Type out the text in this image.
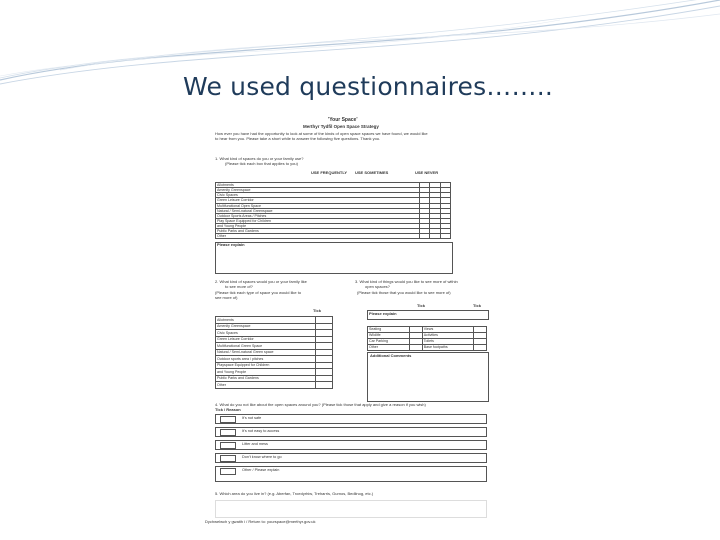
We used questionnaires……..
'Your Space'
Merthyr Tydfil Open Space Strategy
How ever you have had the opportunity to look at some of the kinds of open space spaces we have found, we would like
to hear from you. Please take a short while to answer the following five questions. Thank you.
1. What kind of spaces do you or your family use?
(Please tick each box that applies to you)
USE FREQUENTLY USE SOMETIMES	USE NEVER
Allotments			
Amenity Greenspace			
Civic Spaces			
Green Leisure Corridor			
Multifunctional Open Space			
Natural / Semi-natural Greenspace			
Outdoor Sports Areas / Pitches			
Play Space Equipped for Children			
and Young People			
Public Parks and Gardens			
Other			
Please explain
2. What kind of spaces would you or your family like
to see more of?
(Please tick each type of space you would like to
see more of)
Tick
Allotments	
Amenity Greenspace	
Civic Spaces	
Green Leisure Corridor	
Multifunctional Green Space	
Natural / Semi-natural Green space	
Outdoor sports area / pitches	
Playspace Equipped for Children	
and Young People	
Public Parks and Gardens	
Other	
3. What kind of things would you like to see more of within
open spaces?
(Please tick those that you would like to see more of)
Tick	Tick
Please explain
Seating		Views	
Wildlife		Activities	
Car Parking		Toilets	
Other		Base footpaths	
Additional Comments
4. What do you not like about the open spaces around you? (Please tick those that apply and give a reason if you wish)
Tick / Reason
It's not safe
It's not easy to access
Litter and mess
Don't know where to go
Other / Please explain
5. Which area do you live in? (e.g. Aberfan, Troedyrhiw, Treharris, Gurnos, Bedlinog, etc.)
Dychwelwch y gwaith i / Return to: yourspace@merthyr.gov.uk
